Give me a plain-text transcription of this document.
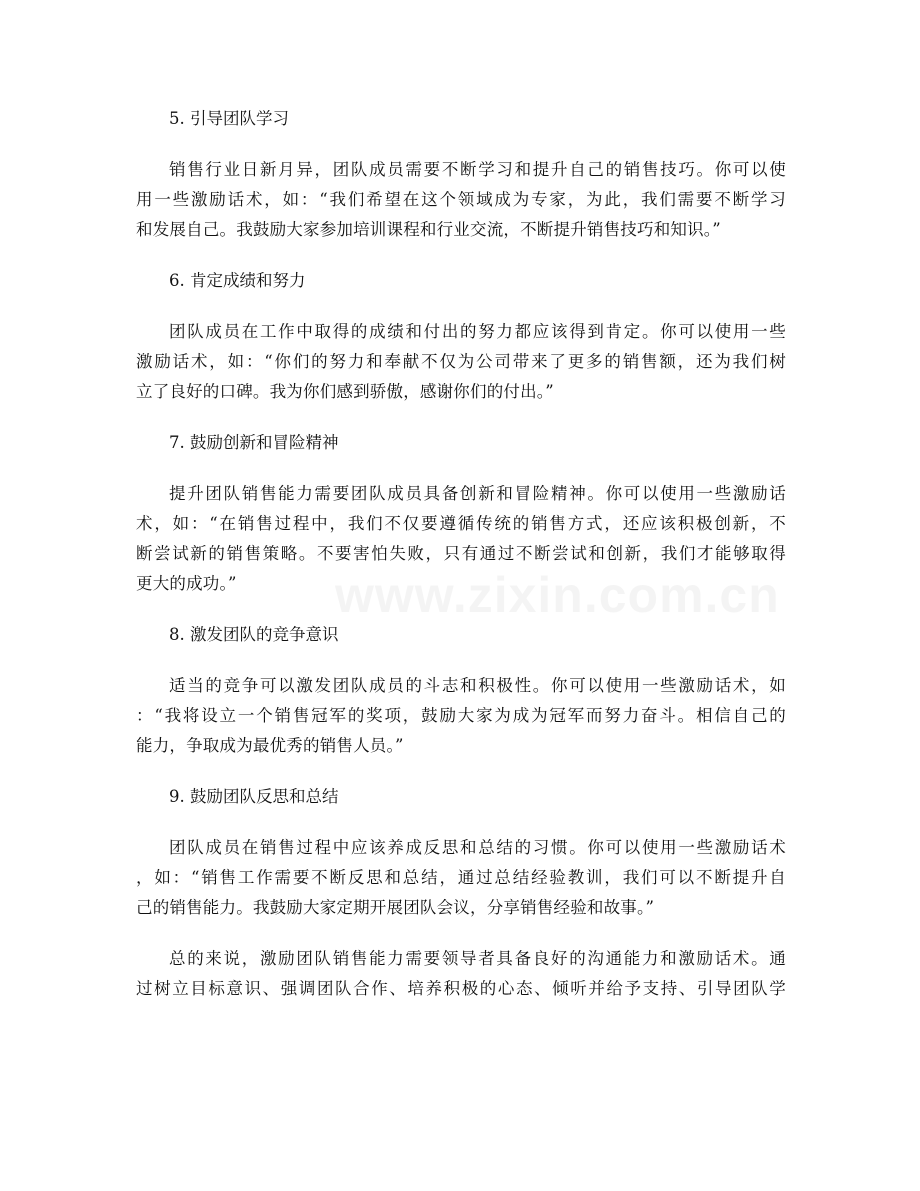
5. 引导团队学习
销售行业日新月异，团队成员需要不断学习和提升自己的销售技巧。你可以使
用一些激励话术，如：“我们希望在这个领域成为专家，为此，我们需要不断学习
和发展自己。我鼓励大家参加培训课程和行业交流，不断提升销售技巧和知识。”
6. 肯定成绩和努力
团队成员在工作中取得的成绩和付出的努力都应该得到肯定。你可以使用一些
激励话术，如：“你们的努力和奉献不仅为公司带来了更多的销售额，还为我们树
立了良好的口碑。我为你们感到骄傲，感谢你们的付出。”
7. 鼓励创新和冒险精神
提升团队销售能力需要团队成员具备创新和冒险精神。你可以使用一些激励话
术，如：“在销售过程中，我们不仅要遵循传统的销售方式，还应该积极创新，不
断尝试新的销售策略。不要害怕失败，只有通过不断尝试和创新，我们才能够取得
更大的成功。”
8. 激发团队的竞争意识
适当的竞争可以激发团队成员的斗志和积极性。你可以使用一些激励话术，如
：“我将设立一个销售冠军的奖项，鼓励大家为成为冠军而努力奋斗。相信自己的
能力，争取成为最优秀的销售人员。”
9. 鼓励团队反思和总结
团队成员在销售过程中应该养成反思和总结的习惯。你可以使用一些激励话术
，如：“销售工作需要不断反思和总结，通过总结经验教训，我们可以不断提升自
己的销售能力。我鼓励大家定期开展团队会议，分享销售经验和故事。”
总的来说，激励团队销售能力需要领导者具备良好的沟通能力和激励话术。通
过树立目标意识、强调团队合作、培养积极的心态、倾听并给予支持、引导团队学
